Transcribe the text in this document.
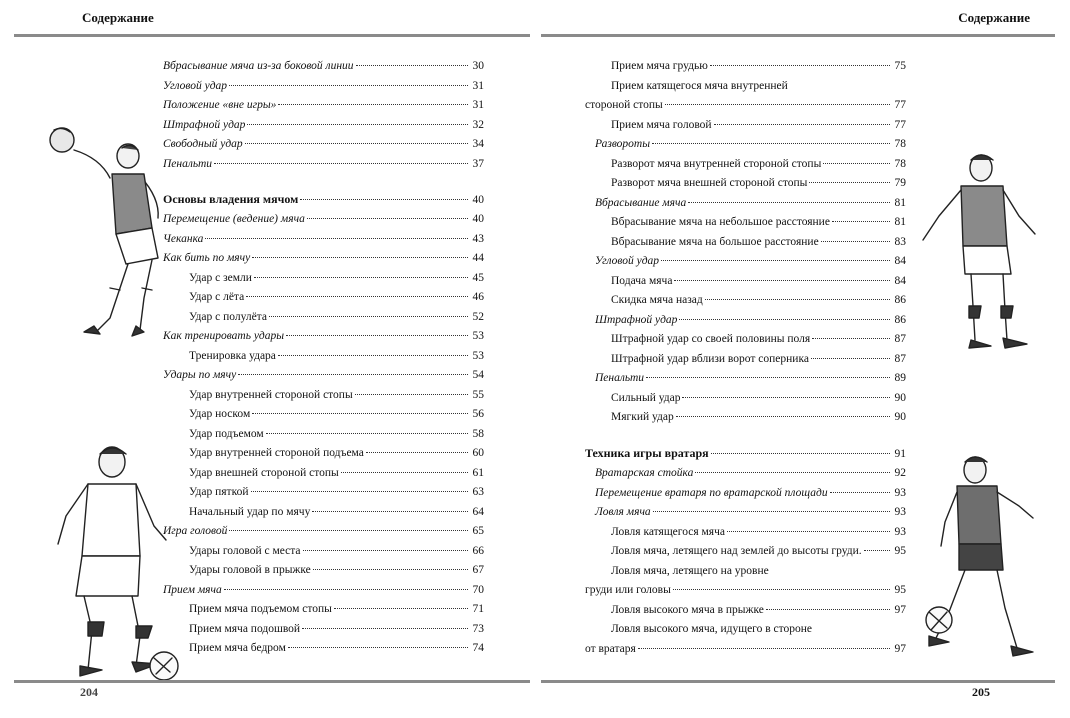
Содержание
Вбрасывание мяча из-за боковой линии	30
Угловой удар	31
Положение «вне игры»	31
Штрафной удар	32
Свободный удар	34
Пенальти	37
Основы владения мячом	40
Перемещение (ведение) мяча	40
Чеканка	43
Как бить по мячу	44
Удар с земли	45
Удар с лёта	46
Удар с полулёта	52
Как тренировать удары	53
Тренировка удара	53
Удары по мячу	54
Удар внутренней стороной стопы	55
Удар носком	56
Удар подъемом	58
Удар внутренней стороной подъема	60
Удар внешней стороной стопы	61
Удар пяткой	63
Начальный удар по мячу	64
Игра головой	65
Удары головой с места	66
Удары головой в прыжке	67
Прием мяча	70
Прием мяча подъемом стопы	71
Прием мяча подошвой	73
Прием мяча бедром	74
204
Содержание
Прием мяча грудью	75
Прием катящегося мяча внутренней
стороной стопы	77
Прием мяча головой	77
Развороты	78
Разворот мяча внутренней стороной стопы	78
Разворот мяча внешней стороной стопы	79
Вбрасывание мяча	81
Вбрасывание мяча на небольшое расстояние	81
Вбрасывание мяча на большое расстояние	83
Угловой удар	84
Подача мяча	84
Скидка мяча назад	86
Штрафной удар	86
Штрафной удар со своей половины поля	87
Штрафной удар вблизи ворот соперника	87
Пенальти	89
Сильный удар	90
Мягкий удар	90
Техника игры вратаря	91
Вратарская стойка	92
Перемещение вратаря по вратарской площади	93
Ловля мяча	93
Ловля катящегося мяча	93
Ловля мяча, летящего над землей до высоты груди.	95
Ловля мяча, летящего на уровне
груди или головы	95
Ловля высокого мяча в прыжке	97
Ловля высокого мяча, идущего в стороне
от вратаря	97
205
